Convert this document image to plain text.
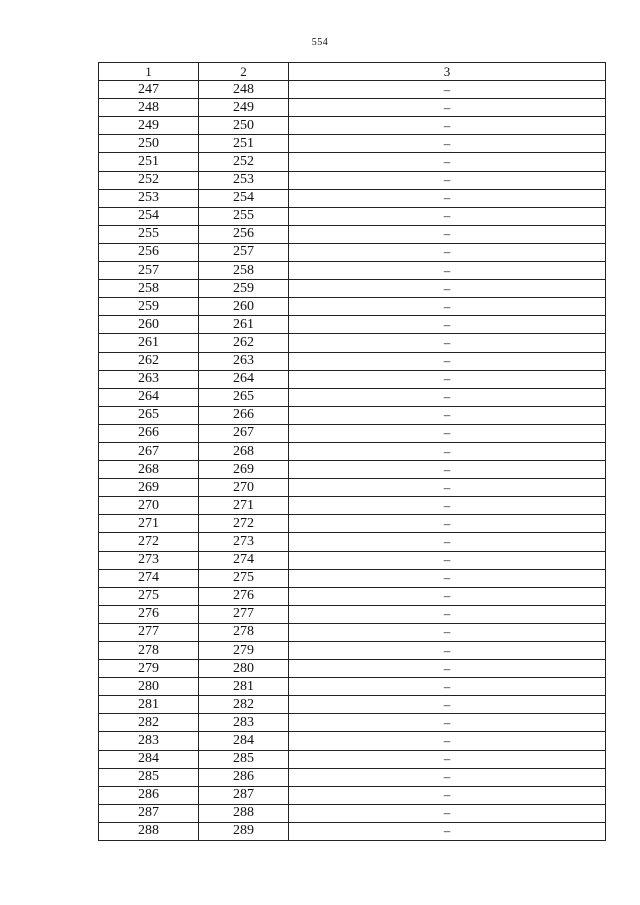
554
1	2	3
247	248	–
248	249	–
249	250	–
250	251	–
251	252	–
252	253	–
253	254	–
254	255	–
255	256	–
256	257	–
257	258	–
258	259	–
259	260	–
260	261	–
261	262	–
262	263	–
263	264	–
264	265	–
265	266	–
266	267	–
267	268	–
268	269	–
269	270	–
270	271	–
271	272	–
272	273	–
273	274	–
274	275	–
275	276	–
276	277	–
277	278	–
278	279	–
279	280	–
280	281	–
281	282	–
282	283	–
283	284	–
284	285	–
285	286	–
286	287	–
287	288	–
288	289	–
